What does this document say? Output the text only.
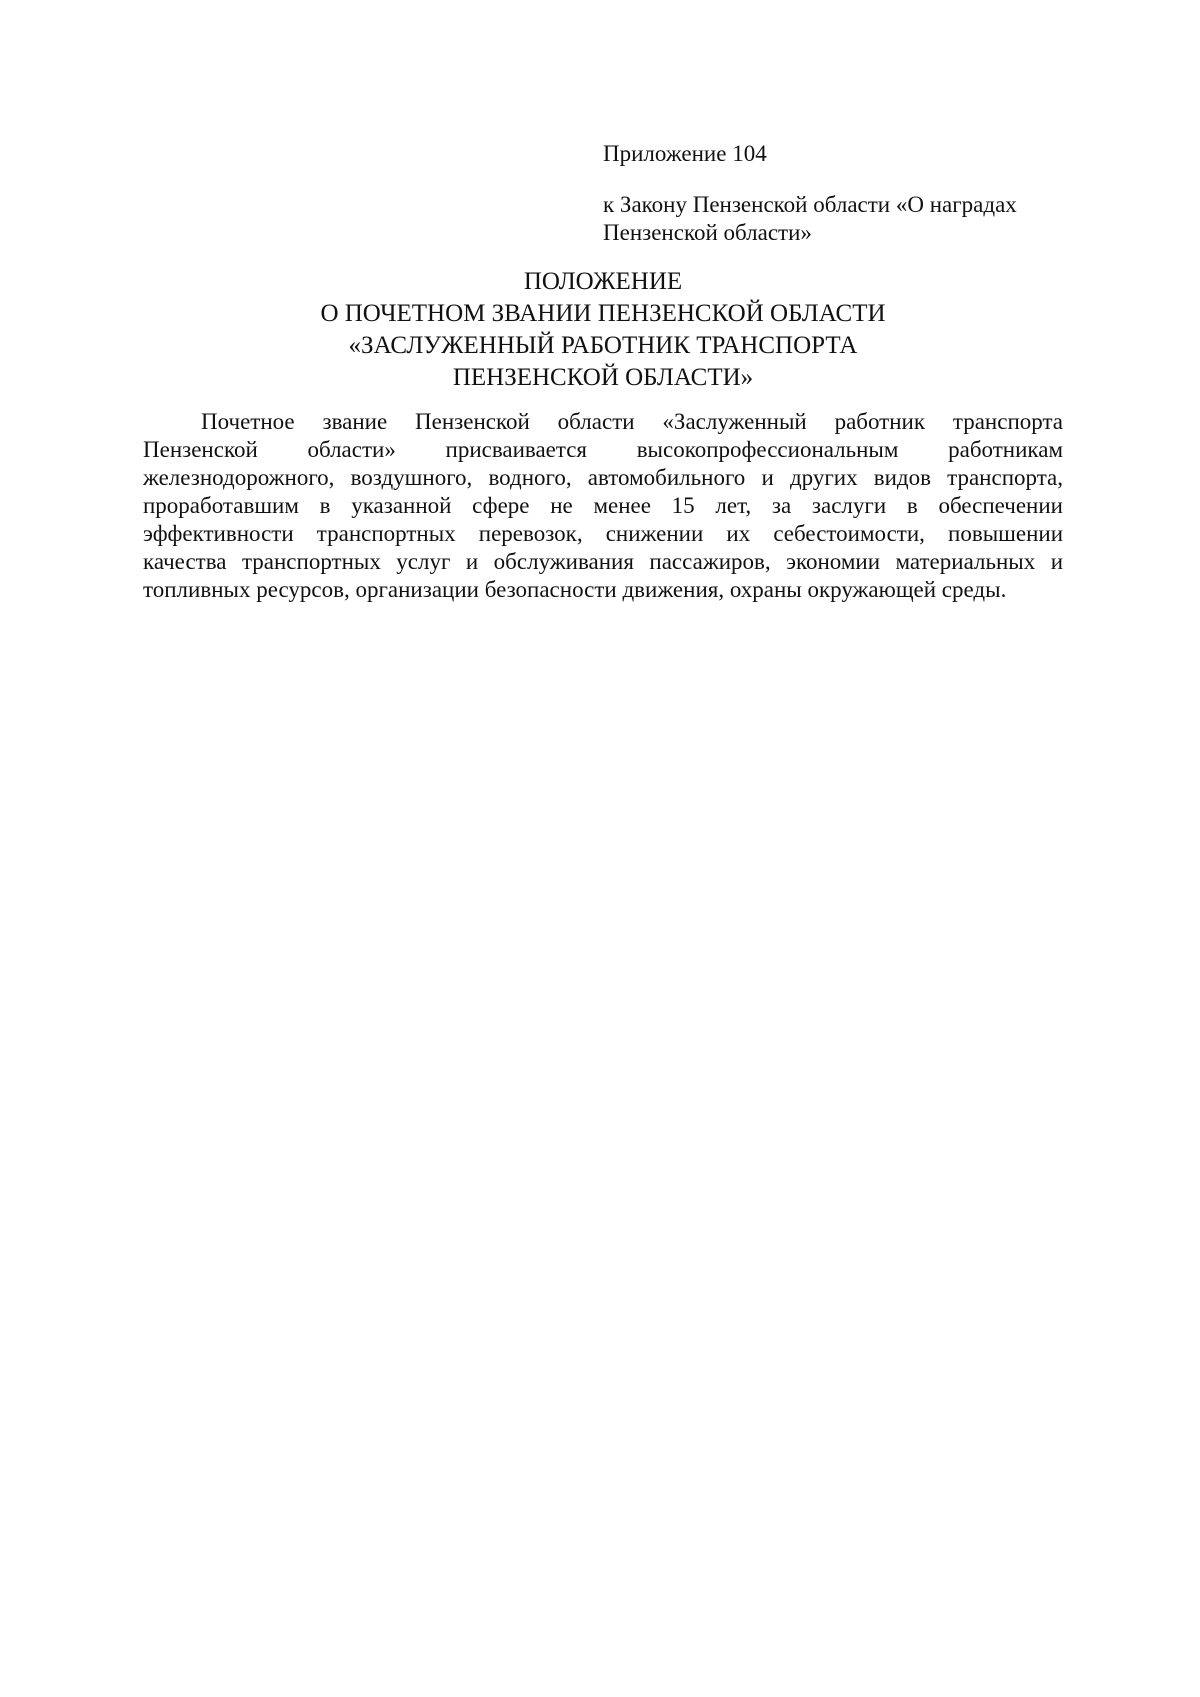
Приложение 104
к Закону Пензенской области «О наградах
Пензенской области»
ПОЛОЖЕНИЕ
О ПОЧЕТНОМ ЗВАНИИ ПЕНЗЕНСКОЙ ОБЛАСТИ
«ЗАСЛУЖЕННЫЙ РАБОТНИК ТРАНСПОРТА
ПЕНЗЕНСКОЙ ОБЛАСТИ»
Почетное звание Пензенской области «Заслуженный работник транспорта
Пензенской области» присваивается высокопрофессиональным работникам
железнодорожного, воздушного, водного, автомобильного и других видов транспорта,
проработавшим в указанной сфере не менее 15 лет, за заслуги в обеспечении
эффективности транспортных перевозок, снижении их себестоимости, повышении
качества транспортных услуг и обслуживания пассажиров, экономии материальных и
топливных ресурсов, организации безопасности движения, охраны окружающей среды.
